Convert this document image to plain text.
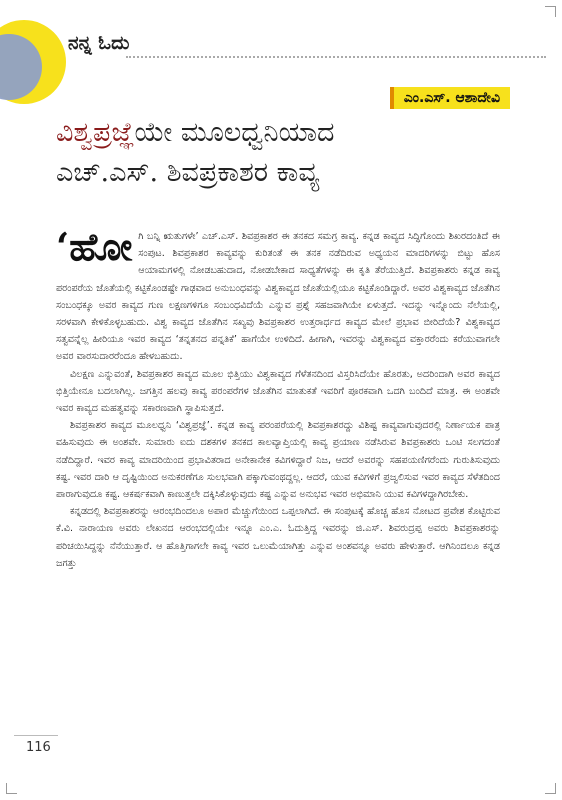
ನನ್ನ ಓದು
ಎಂ.ಎಸ್. ಆಶಾದೇವಿ
ವಿಶ್ವಪ್ರಜ್ಞೆಯೇ ಮೂಲಧ್ವನಿಯಾದ
ಎಚ್.ಎಸ್. ಶಿವಪ್ರಕಾಶರ ಕಾವ್ಯ

‘ಹೋಗಿ ಬನ್ನಿ ಋತುಗಳೇ’ ಎಚ್.ಎಸ್. ಶಿವಪ್ರಕಾಶರ ಈ ತನಕದ ಸಮಗ್ರ ಕಾವ್ಯ. ಕನ್ನಡ ಕಾವ್ಯದ ಸಿದ್ಧಿಗೊಂದು ಶಿಖರದಂತಿದೆ ಈ ಸಂಪುಟ. ಶಿವಪ್ರಕಾಶರ ಕಾವ್ಯವನ್ನು ಕುರಿತಂತೆ ಈ ತನಕ ನಡೆದಿರುವ ಅಧ್ಯಯನ ಮಾದರಿಗಳನ್ನು ಬಿಟ್ಟು ಹೊಸ ಆಯಾಮಗಳಲ್ಲಿ ನೋಡಬಹುದಾದ, ನೋಡಬೇಕಾದ ಸಾಧ್ಯತೆಗಳನ್ನು ಈ ಕೃತಿ ತೆರೆಯುತ್ತಿದೆ. ಶಿವಪ್ರಕಾಶರು ಕನ್ನಡ ಕಾವ್ಯ ಪರಂಪರೆಯ ಜೊತೆಯಲ್ಲಿ ಕಟ್ಟಿಕೊಂಡಷ್ಟೇ ಗಾಢವಾದ ಅನುಬಂಧವನ್ನು ವಿಶ್ವಕಾವ್ಯದ ಜೊತೆಯಲ್ಲಿಯೂ ಕಟ್ಟಿಕೊಂಡಿದ್ದಾರೆ. ಅವರ ವಿಶ್ವಕಾವ್ಯದ ಜೊತೆಗಿನ ಸಂಬಂಧಕ್ಕೂ ಅವರ ಕಾವ್ಯದ ಗುಣ ಲಕ್ಷಣಗಳಿಗೂ ಸಂಬಂಧವಿದೆಯೆ ಎನ್ನುವ ಪ್ರಶ್ನೆ ಸಹಜವಾಗಿಯೇ ಏಳುತ್ತದೆ. ಇದನ್ನು ಇನ್ನೊಂದು ನೆಲೆಯಲ್ಲಿ, ಸರಳವಾಗಿ ಕೇಳಿಕೊಳ್ಳಬಹುದು. ವಿಶ್ವ ಕಾವ್ಯದ ಜೊತೆಗಿನ ಸಖ್ಯವು ಶಿವಪ್ರಕಾಶರ ಉತ್ತರಾರ್ಧದ ಕಾವ್ಯದ ಮೇಲೆ ಪ್ರಭಾವ ಬೀರಿದೆಯೆ? ವಿಶ್ವಕಾವ್ಯದ ಸತ್ವವನ್ನೆಲ್ಲ ಹೀರಿಯೂ ಇವರ ಕಾವ್ಯದ ‘ತನ್ನತನದ ಪನ್ನತಿಕೆ’ ಹಾಗೆಯೇ ಉಳಿದಿದೆ. ಹೀಗಾಗಿ, ಇವರನ್ನು ವಿಶ್ವಕಾವ್ಯದ ವಕ್ತಾರರೆಂದು ಕರೆಯುವಾಗಲೇ ಅವರ ವಾರಸುದಾರರೆಂದೂ ಹೇಳಬಹುದು.

ವಿಲಕ್ಷಣ ಎನ್ನುವಂತೆ, ಶಿವಪ್ರಕಾಶರ ಕಾವ್ಯದ ಮೂಲ ಭಿತ್ತಿಯು ವಿಶ್ವಕಾವ್ಯದ ಗೆಳೆತನದಿಂದ ವಿಸ್ತರಿಸಿದೆಯೇ ಹೊರತು, ಅದರಿಂದಾಗಿ ಅವರ ಕಾವ್ಯದ ಭಿತ್ತಿಯೇನೂ ಬದಲಾಗಿಲ್ಲ. ಜಗತ್ತಿನ ಹಲವು ಕಾವ್ಯ ಪರಂಪರೆಗಳ ಜೊತೆಗಿನ ಮಾತುಕತೆ ಇವರಿಗೆ ಪೂರಕವಾಗಿ ಒದಗಿ ಬಂದಿದೆ ಮಾತ್ರ. ಈ ಅಂಶವೇ ಇವರ ಕಾವ್ಯದ ಮಹತ್ವವನ್ನು ಸಕಾರಣವಾಗಿ ಸ್ಥಾಪಿಸುತ್ತದೆ.

ಶಿವಪ್ರಕಾಶರ ಕಾವ್ಯದ ಮೂಲಧ್ವನಿ ‘ವಿಶ್ವಪ್ರಜ್ಞೆ’. ಕನ್ನಡ ಕಾವ್ಯ ಪರಂಪರೆಯಲ್ಲಿ ಶಿವಪ್ರಕಾಶರದ್ದು ವಿಶಿಷ್ಟ ಕಾವ್ಯವಾಗುವುದರಲ್ಲಿ ನಿರ್ಣಾಯಕ ಪಾತ್ರ ವಹಿಸುವುದು ಈ ಅಂಶವೇ. ಸುಮಾರು ಐದು ದಶಕಗಳ ತನಕದ ಕಾಲವ್ಯಾಪ್ತಿಯಲ್ಲಿ ಕಾವ್ಯ ಪ್ರಯಾಣ ನಡೆಸಿರುವ ಶಿವಪ್ರಕಾಶರು ಒಂಟಿ ಸಲಗದಂತೆ ನಡೆದಿದ್ದಾರೆ. ಇವರ ಕಾವ್ಯ ಮಾದರಿಯಿಂದ ಪ್ರಭಾವಿತರಾದ ಅನೇಕಾನೇಕ ಕವಿಗಳಿದ್ದಾರೆ ನಿಜ, ಆದರೆ ಅವರನ್ನು ಸಹಪಯಣಿಗರೆಂದು ಗುರುತಿಸುವುದು ಕಷ್ಟ. ಇವರ ದಾರಿ ಆ ದೃಷ್ಟಿಯಿಂದ ಅನುಕರಣೆಗೂ ಸುಲಭವಾಗಿ ಪಕ್ಕಾಗುವಂಥದ್ದಲ್ಲ. ಆದರೆ, ಯುವ ಕವಿಗಳಿಗೆ ಪ್ರಜ್ವಲಿಸುವ ಇವರ ಕಾವ್ಯದ ಸೆಳೆತದಿಂದ ಪಾರಾಗುವುದೂ ಕಷ್ಟ. ಆಕರ್ಷಕವಾಗಿ ಕಾಣುತ್ತಲೇ ದಕ್ಕಿಸಿಕೊಳ್ಳುವುದು ಕಷ್ಟ ಎನ್ನುವ ಅನುಭವ ಇವರ ಅಭಿಮಾನಿ ಯುವ ಕವಿಗಳದ್ದಾಗಿರಬೇಕು.

ಕನ್ನಡದಲ್ಲಿ ಶಿವಪ್ರಕಾಶರನ್ನು ಆರಂಭದಿಂದಲೂ ಅಪಾರ ಮೆಚ್ಚುಗೆಯಿಂದ ಒಪ್ಪಲಾಗಿದೆ. ಈ ಸಂಪುಟಕ್ಕೆ ಹೊಚ್ಚ ಹೊಸ ನೋಟದ ಪ್ರವೇಶ ಕೊಟ್ಟಿರುವ ಕೆ.ವಿ. ನಾರಾಯಣ ಅವರು ಲೇಖನದ ಆರಂಭದಲ್ಲಿಯೇ ಇನ್ನೂ ಎಂ.ಎ. ಓದುತ್ತಿದ್ದ ಇವರನ್ನು ಜಿ.ಎಸ್. ಶಿವರುದ್ರಪ್ಪ ಅವರು ಶಿವಪ್ರಕಾಶರನ್ನು ಪರಿಚಯಿಸಿದ್ದನ್ನು ನೆನೆಯುತ್ತಾರೆ. ಆ ಹೊತ್ತಿಗಾಗಲೇ ಕಾವ್ಯ ಇವರ ಒಲುಮೆಯಾಗಿತ್ತು ಎನ್ನುವ ಅಂಶವನ್ನೂ ಅವರು ಹೇಳುತ್ತಾರೆ. ಆಗಿನಿಂದಲೂ ಕನ್ನಡ ಜಗತ್ತು

116
